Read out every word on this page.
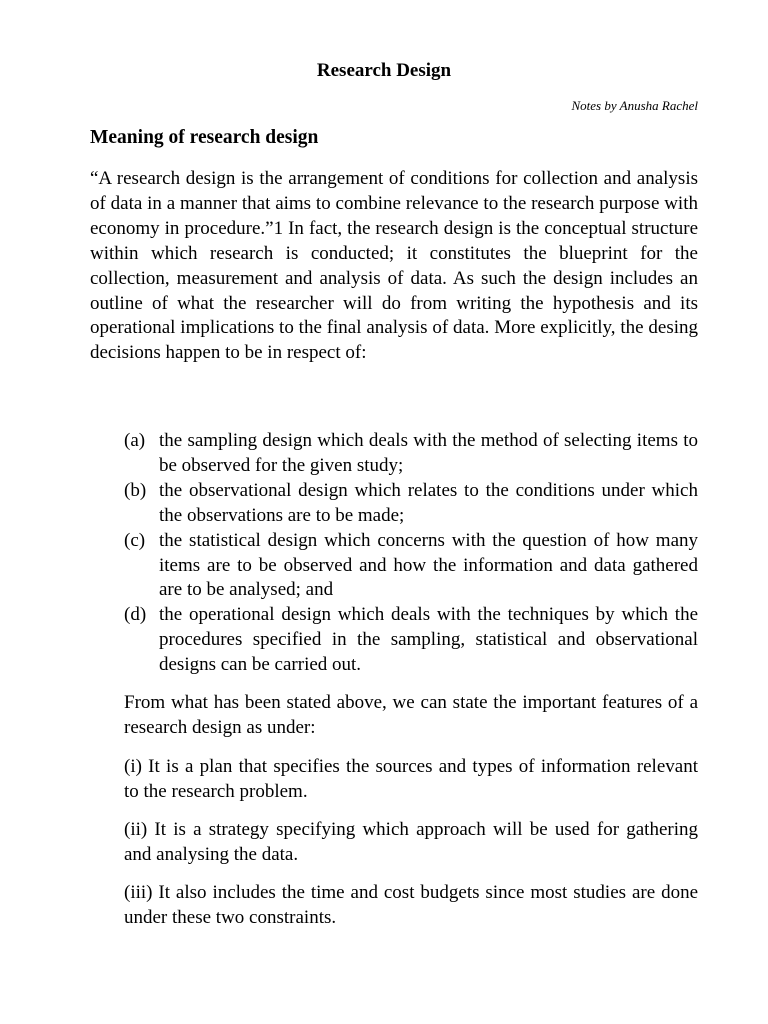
Research Design

Notes by Anusha Rachel

Meaning of research design

“A research design is the arrangement of conditions for collection and analysis of data in a manner that aims to combine relevance to the research purpose with economy in procedure.”1 In fact, the research design is the conceptual structure within which research is conducted; it constitutes the blueprint for the collection, measurement and analysis of data. As such the design includes an outline of what the researcher will do from writing the hypothesis and its operational implications to the final analysis of data. More explicitly, the desing decisions happen to be in respect of:

(a) the sampling design which deals with the method of selecting items to be observed for the given study;
(b) the observational design which relates to the conditions under which the observations are to be made;
(c) the statistical design which concerns with the question of how many items are to be observed and how the information and data gathered are to be analysed; and
(d) the operational design which deals with the techniques by which the procedures specified in the sampling, statistical and observational designs can be carried out.

From what has been stated above, we can state the important features of a research design as under:

(i) It is a plan that specifies the sources and types of information relevant to the research problem.

(ii) It is a strategy specifying which approach will be used for gathering and analysing the data.

(iii) It also includes the time and cost budgets since most studies are done under these two constraints.
